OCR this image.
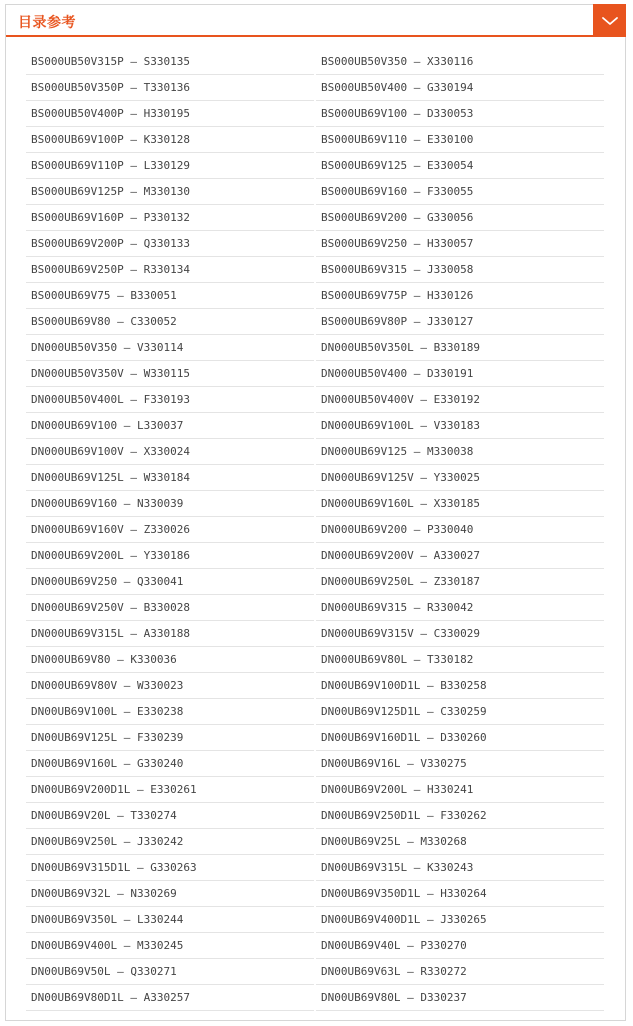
目录参考
BS000UB50V315P – S330135	BS000UB50V350 – X330116
BS000UB50V350P – T330136	BS000UB50V400 – G330194
BS000UB50V400P – H330195	BS000UB69V100 – D330053
BS000UB69V100P – K330128	BS000UB69V110 – E330100
BS000UB69V110P – L330129	BS000UB69V125 – E330054
BS000UB69V125P – M330130	BS000UB69V160 – F330055
BS000UB69V160P – P330132	BS000UB69V200 – G330056
BS000UB69V200P – Q330133	BS000UB69V250 – H330057
BS000UB69V250P – R330134	BS000UB69V315 – J330058
BS000UB69V75 – B330051	BS000UB69V75P – H330126
BS000UB69V80 – C330052	BS000UB69V80P – J330127
DN000UB50V350 – V330114	DN000UB50V350L – B330189
DN000UB50V350V – W330115	DN000UB50V400 – D330191
DN000UB50V400L – F330193	DN000UB50V400V – E330192
DN000UB69V100 – L330037	DN000UB69V100L – V330183
DN000UB69V100V – X330024	DN000UB69V125 – M330038
DN000UB69V125L – W330184	DN000UB69V125V – Y330025
DN000UB69V160 – N330039	DN000UB69V160L – X330185
DN000UB69V160V – Z330026	DN000UB69V200 – P330040
DN000UB69V200L – Y330186	DN000UB69V200V – A330027
DN000UB69V250 – Q330041	DN000UB69V250L – Z330187
DN000UB69V250V – B330028	DN000UB69V315 – R330042
DN000UB69V315L – A330188	DN000UB69V315V – C330029
DN000UB69V80 – K330036	DN000UB69V80L – T330182
DN000UB69V80V – W330023	DN00UB69V100D1L – B330258
DN00UB69V100L – E330238	DN00UB69V125D1L – C330259
DN00UB69V125L – F330239	DN00UB69V160D1L – D330260
DN00UB69V160L – G330240	DN00UB69V16L – V330275
DN00UB69V200D1L – E330261	DN00UB69V200L – H330241
DN00UB69V20L – T330274	DN00UB69V250D1L – F330262
DN00UB69V250L – J330242	DN00UB69V25L – M330268
DN00UB69V315D1L – G330263	DN00UB69V315L – K330243
DN00UB69V32L – N330269	DN00UB69V350D1L – H330264
DN00UB69V350L – L330244	DN00UB69V400D1L – J330265
DN00UB69V400L – M330245	DN00UB69V40L – P330270
DN00UB69V50L – Q330271	DN00UB69V63L – R330272
DN00UB69V80D1L – A330257	DN00UB69V80L – D330237
